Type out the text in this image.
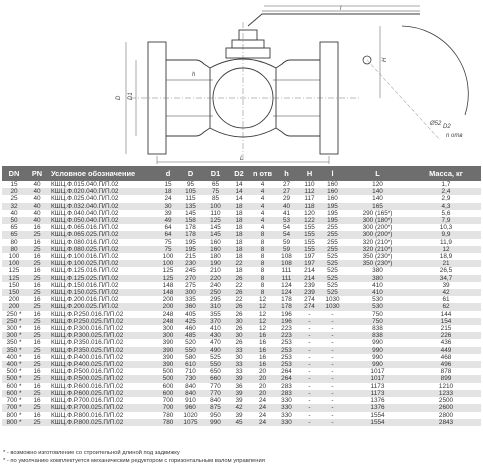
D D1
D2
n отв
L
l
H
h
Ø52
DN	PN	Условное обозначение	d	D	D1	D2	n отв	h	H	l	L	Масса, кг
15	40	КШЦ.Ф.015.040.П/П.02	15	95	65	14	4	27	110	160	120	1,7
20	40	КШЦ.Ф.020.040.П/П.02	18	105	75	14	4	27	112	160	140	2,4
25	40	КШЦ.Ф.025.040.П/П.02	24	115	85	14	4	29	117	160	140	2,9
32	40	КШЦ.Ф.032.040.П/П.02	30	135	100	18	4	40	118	195	165	4,3
40	40	КШЦ.Ф.040.040.П/П.02	39	145	110	18	4	41	120	195	290 (165*)	5,6
50	40	КШЦ.Ф.050.040.П/П.02	49	158	125	18	4	53	122	195	300 (180*)	7,9
65	16	КШЦ.Ф.065.016.П/П.02	64	178	145	18	4	54	155	255	300 (200*)	10,3
65	25	КШЦ.Ф.065.025.П/П.02	64	178	145	18	8	54	155	255	300 (200*)	9,9
80	16	КШЦ.Ф.080.016.П/П.02	75	195	160	18	8	59	155	255	320 (210*)	11,9
80	25	КШЦ.Ф.080.025.П/П.02	75	195	160	18	8	59	155	255	320 (210*)	12
100	16	КШЦ.Ф.100.016.П/П.02	100	215	180	18	8	108	197	525	350 (230*)	18,9
100	25	КШЦ.Ф.100.025.П/П.02	100	230	190	22	8	108	197	525	350 (230*)	21
125	16	КШЦ.Ф.125.016.П/П.02	125	245	210	18	8	111	214	525	380	26,5
125	25	КШЦ.Ф.125.025.П/П.02	125	270	220	26	8	111	214	525	380	34,7
150	16	КШЦ.Ф.150.016.П/П.02	148	275	240	22	8	124	239	525	410	39
150	25	КШЦ.Ф.150.025.П/П.02	148	300	250	26	8	124	239	525	410	42
200	16	КШЦ.Ф.200.016.П/П.02	200	335	295	22	12	178	274	1030	530	61
200	25	КШЦ.Ф.200.025.П/П.02	200	360	310	26	12	178	274	1030	530	62
250 *	16	КШЦ.Ф.Р.250.016.П/П.02	248	405	355	26	12	196	-	-	750	144
250 *	25	КШЦ.Ф.Р.250.025.П/П.02	248	425	370	30	12	196	-	-	750	154
300 *	16	КШЦ.Ф.Р.300.016.П/П.02	300	460	410	26	12	223	-	-	838	215
300 *	25	КШЦ.Ф.Р.300.025.П/П.02	300	485	430	30	16	223	-	-	838	226
350 *	16	КШЦ.Ф.Р.350.016.П/П.02	390	520	470	26	16	253	-	-	990	436
350 *	25	КШЦ.Ф.Р.350.025.П/П.02	390	550	490	33	16	253	-	-	990	449
400 *	16	КШЦ.Ф.Р.400.016.П/П.02	390	580	525	30	16	253	-	-	990	468
400 *	25	КШЦ.Ф.Р.400.025.П/П.02	390	610	550	33	16	253	-	-	990	496
500 *	16	КШЦ.Ф.Р.500.016.П/П.02	500	710	650	33	20	264	-	-	1017	878
500 *	25	КШЦ.Ф.Р.500.025.П/П.02	500	730	660	39	20	264	-	-	1017	899
600 *	16	КШЦ.Ф.Р.600.016.П/П.02	600	840	770	36	20	283	-	-	1173	1210
600 *	25	КШЦ.Ф.Р.600.025.П/П.02	600	840	770	39	20	283	-	-	1173	1233
700 *	16	КШЦ.Ф.Р.700.016.П/П.02	700	910	840	39	24	330	-	-	1376	2500
700 *	25	КШЦ.Ф.Р.700.025.П/П.02	700	960	875	42	24	330	-	-	1376	2600
800 *	16	КШЦ.Ф.Р.800.016.П/П.02	780	1020	950	39	24	330	-	-	1554	2800
800 *	25	КШЦ.Ф.Р.800.025.П/П.02	780	1075	990	45	24	330	-	-	1554	2843
* - возможно изготовление со строительной длиной под задвижку
* - по умолчанию комплектуется механическим редуктором с горизонтальным валом управления
